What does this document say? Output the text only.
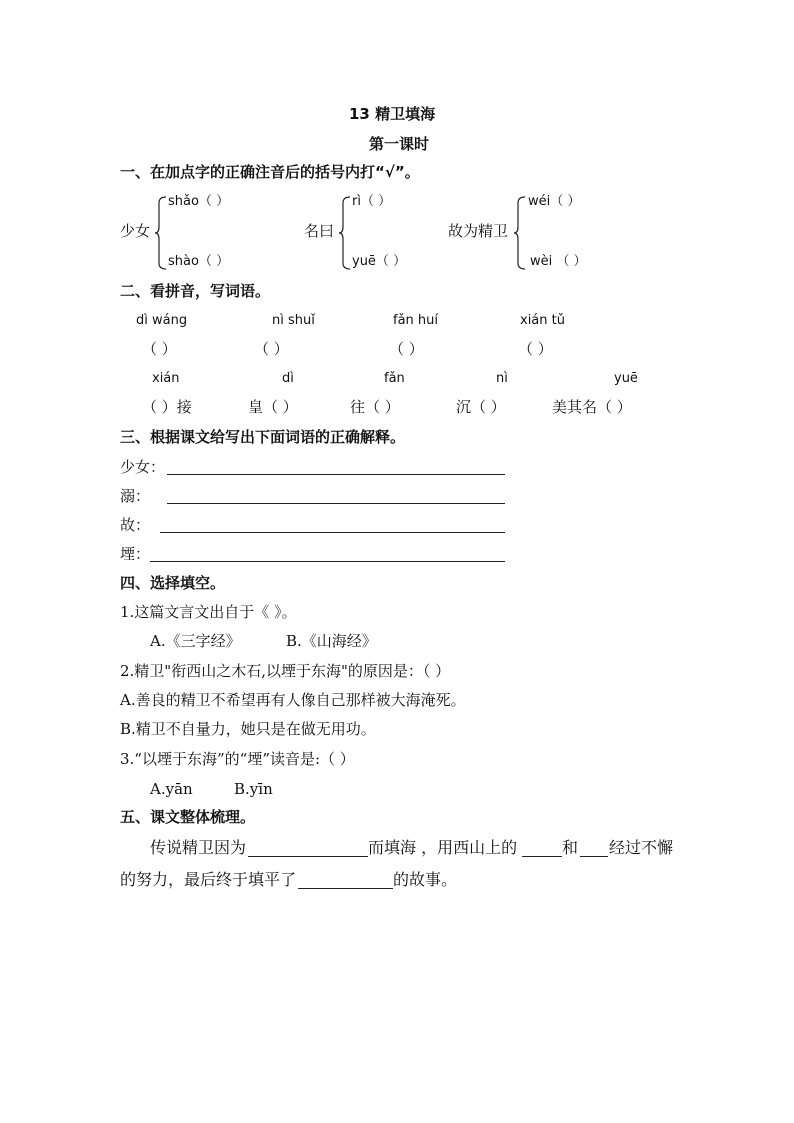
13 精卫填海
第一课时
一、在加点字的正确注音后的括号内打“√”。
少女
shǎo（ ）
shào（ ）
名曰
rì（ ）
yuē（ ）
故为精卫
wéi（ ）
wèi （ ）
二、看拼音，写词语。
dì wáng	nì shuǐ	fǎn huí	xián tǔ
（ ）	（ ）	（ ）	（ ）
xián	dì	fǎn	nì	yuē
（ ）接	皇（ ）	往（ ）	沉（ ）	美其名（ ）
三、根据课文给写出下面词语的正确解释。
少女：
溺：
故：
堙：
四、选择填空。
1.这篇文言文出自于《 》。
A.《三字经》	B.《山海经》
2.精卫"衔西山之木石,以堙于东海"的原因是：（ ）
A.善良的精卫不希望再有人像自己那样被大海淹死。
B.精卫不自量力，她只是在做无用功。
3.“以堙于东海”的“堙”读音是:（ ）
A.yān	B.yīn
五、课文整体梳理。
传说精卫因为	而填海 ，用西山上的	和 经过不懈
的努力，最后终于填平了	的故事。
